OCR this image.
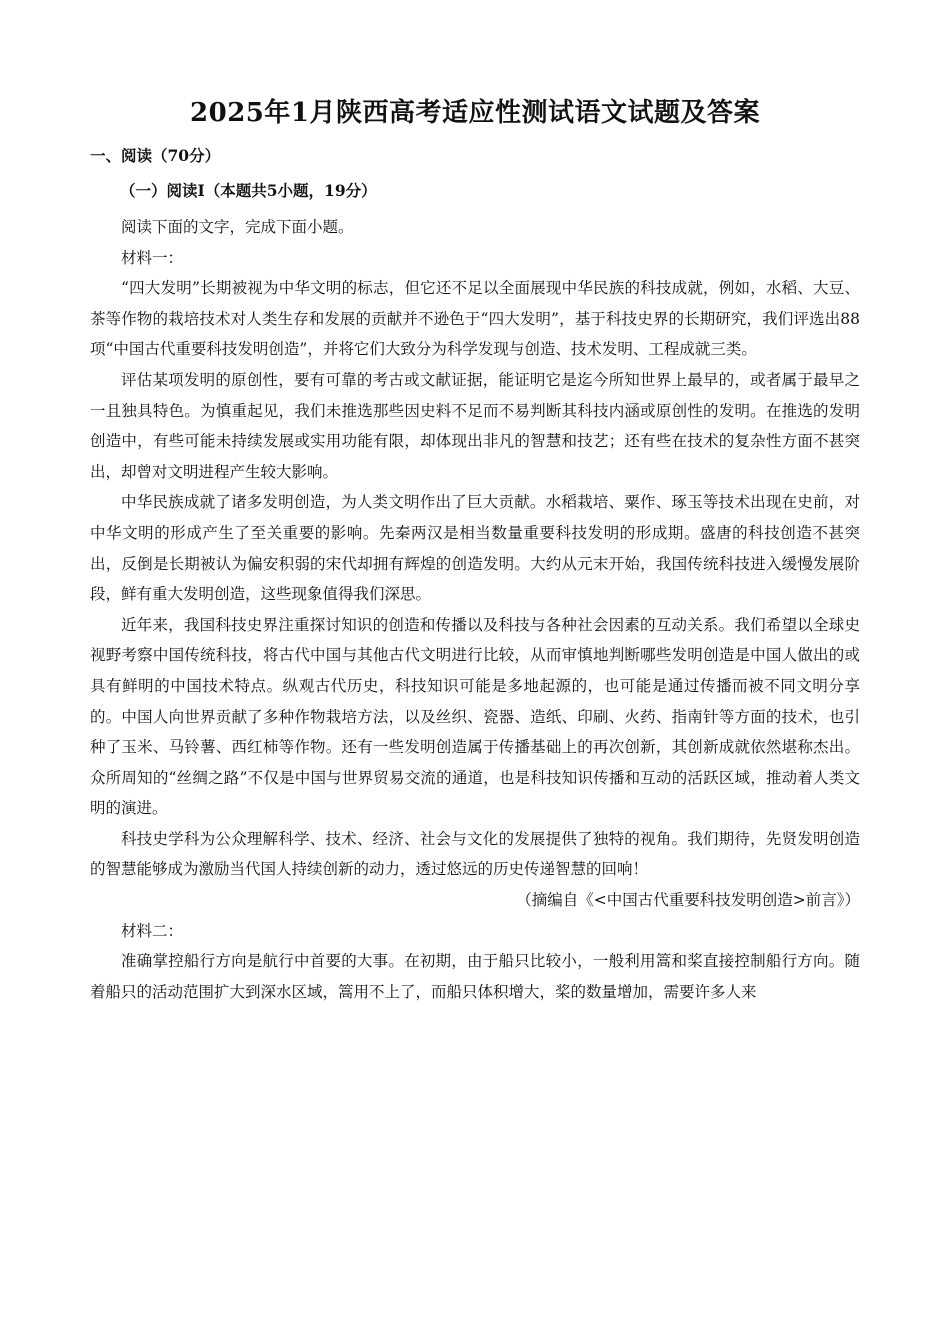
2025年1月陕西高考适应性测试语文试题及答案
一、阅读（70分）
（一）阅读Ⅰ（本题共5小题，19分）

阅读下面的文字，完成下面小题。

材料一：

“四大发明”长期被视为中华文明的标志，但它还不足以全面展现中华民族的科技成就，例如，水稻、大豆、茶等作物的栽培技术对人类生存和发展的贡献并不逊色于“四大发明”，基于科技史界的长期研究，我们评选出88项“中国古代重要科技发明创造”，并将它们大致分为科学发现与创造、技术发明、工程成就三类。

评估某项发明的原创性，要有可靠的考古或文献证据，能证明它是迄今所知世界上最早的，或者属于最早之一且独具特色。为慎重起见，我们未推选那些因史料不足而不易判断其科技内涵或原创性的发明。在推选的发明创造中，有些可能未持续发展或实用功能有限，却体现出非凡的智慧和技艺；还有些在技术的复杂性方面不甚突出，却曾对文明进程产生较大影响。

中华民族成就了诸多发明创造，为人类文明作出了巨大贡献。水稻栽培、粟作、琢玉等技术出现在史前，对中华文明的形成产生了至关重要的影响。先秦两汉是相当数量重要科技发明的形成期。盛唐的科技创造不甚突出，反倒是长期被认为偏安积弱的宋代却拥有辉煌的创造发明。大约从元末开始，我国传统科技进入缓慢发展阶段，鲜有重大发明创造，这些现象值得我们深思。

近年来，我国科技史界注重探讨知识的创造和传播以及科技与各种社会因素的互动关系。我们希望以全球史视野考察中国传统科技，将古代中国与其他古代文明进行比较，从而审慎地判断哪些发明创造是中国人做出的或具有鲜明的中国技术特点。纵观古代历史，科技知识可能是多地起源的，也可能是通过传播而被不同文明分享的。中国人向世界贡献了多种作物栽培方法，以及丝织、瓷器、造纸、印刷、火药、指南针等方面的技术，也引种了玉米、马铃薯、西红柿等作物。还有一些发明创造属于传播基础上的再次创新，其创新成就依然堪称杰出。众所周知的“丝绸之路”不仅是中国与世界贸易交流的通道，也是科技知识传播和互动的活跃区域，推动着人类文明的演进。

科技史学科为公众理解科学、技术、经济、社会与文化的发展提供了独特的视角。我们期待，先贤发明创造的智慧能够成为激励当代国人持续创新的动力，透过悠远的历史传递智慧的回响！

（摘编自《<中国古代重要科技发明创造>前言》）

材料二：

准确掌控船行方向是航行中首要的大事。在初期，由于船只比较小，一般利用篙和桨直接控制船行方向。随着船只的活动范围扩大到深水区域，篙用不上了，而船只体积增大，桨的数量增加，需要许多人来
